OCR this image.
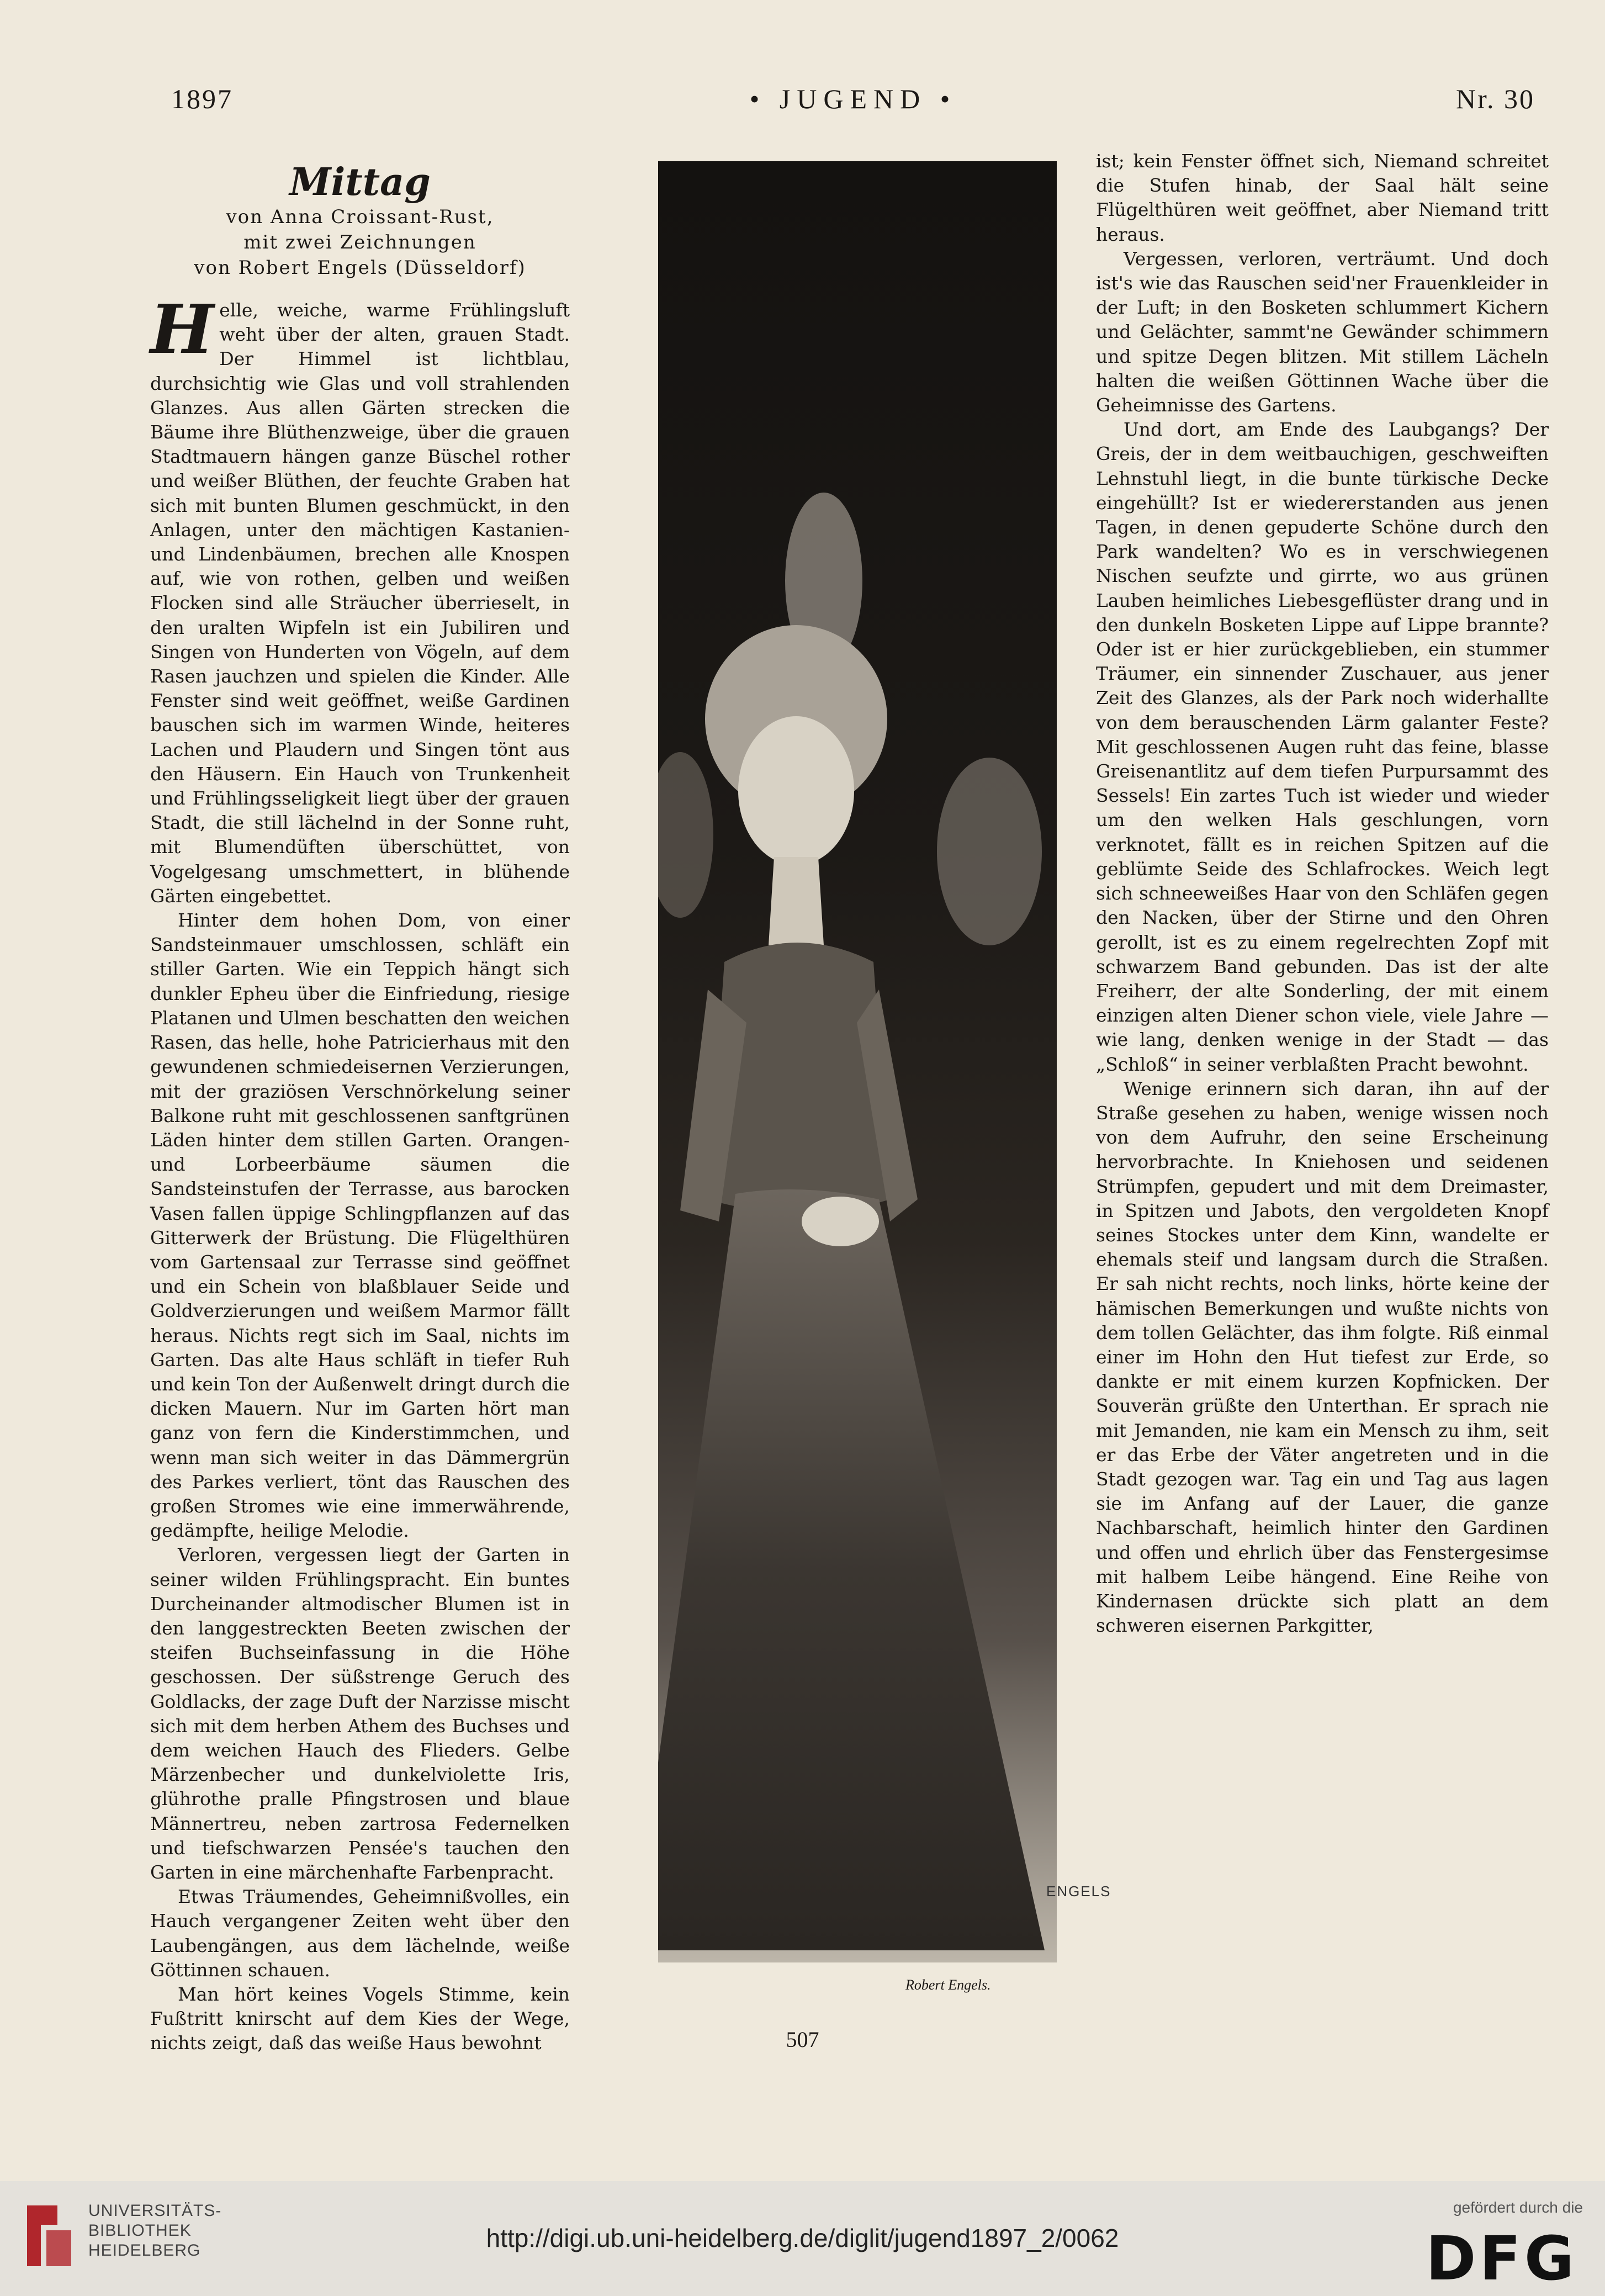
1897	• JUGEND •	Nr. 30
Mittag
von Anna Croissant-Rust,
mit zwei Zeichnungen
von Robert Engels (Düsseldorf)

Helle, weiche, warme Frühlingsluft weht über der alten, grauen Stadt. Der Himmel ist lichtblau, durchsichtig wie Glas und voll strahlenden Glanzes. Aus allen Gärten strecken die Bäume ihre Blüthenzweige, über die grauen Stadtmauern hängen ganze Büschel rother und weißer Blüthen, der feuchte Graben hat sich mit bunten Blumen geschmückt, in den Anlagen, unter den mächtigen Kastanien- und Lindenbäumen, brechen alle Knospen auf, wie von rothen, gelben und weißen Flocken sind alle Sträucher überrieselt, in den uralten Wipfeln ist ein Jubiliren und Singen von Hunderten von Vögeln, auf dem Rasen jauchzen und spielen die Kinder. Alle Fenster sind weit geöffnet, weiße Gardinen bauschen sich im warmen Winde, heiteres Lachen und Plaudern und Singen tönt aus den Häusern. Ein Hauch von Trunkenheit und Frühlingsseligkeit liegt über der grauen Stadt, die still lächelnd in der Sonne ruht, mit Blumendüften überschüttet, von Vogelgesang umschmettert, in blühende Gärten eingebettet.

Hinter dem hohen Dom, von einer Sandsteinmauer umschlossen, schläft ein stiller Garten. Wie ein Teppich hängt sich dunkler Epheu über die Einfriedung, riesige Platanen und Ulmen beschatten den weichen Rasen, das helle, hohe Patricierhaus mit den gewundenen schmiedeisernen Verzierungen, mit der graziösen Verschnörkelung seiner Balkone ruht mit geschlossenen sanftgrünen Läden hinter dem stillen Garten. Orangen- und Lorbeerbäume säumen die Sandsteinstufen der Terrasse, aus barocken Vasen fallen üppige Schlingpflanzen auf das Gitterwerk der Brüstung. Die Flügelthüren vom Gartensaal zur Terrasse sind geöffnet und ein Schein von blaßblauer Seide und Goldverzierungen und weißem Marmor fällt heraus. Nichts regt sich im Saal, nichts im Garten. Das alte Haus schläft in tiefer Ruh und kein Ton der Außenwelt dringt durch die dicken Mauern. Nur im Garten hört man ganz von fern die Kinderstimmchen, und wenn man sich weiter in das Dämmergrün des Parkes verliert, tönt das Rauschen des großen Stromes wie eine immerwährende, gedämpfte, heilige Melodie.

Verloren, vergessen liegt der Garten in seiner wilden Frühlingspracht. Ein buntes Durcheinander altmodischer Blumen ist in den langgestreckten Beeten zwischen der steifen Buchseinfassung in die Höhe geschossen. Der süßstrenge Geruch des Goldlacks, der zage Duft der Narzisse mischt sich mit dem herben Athem des Buchses und dem weichen Hauch des Flieders. Gelbe Märzenbecher und dunkelviolette Iris, glührothe pralle Pfingstrosen und blaue Männertreu, neben zartrosa Federnelken und tiefschwarzen Pensée's tauchen den Garten in eine märchenhafte Farbenpracht.

Etwas Träumendes, Geheimnißvolles, ein Hauch vergangener Zeiten weht über den Laubengängen, aus dem lächelnde, weiße Göttinnen schauen.

Man hört keines Vogels Stimme, kein Fußtritt knirscht auf dem Kies der Wege, nichts zeigt, daß das weiße Haus bewohnt

ENGELS
Robert Engels.

ist; kein Fenster öffnet sich, Niemand schreitet die Stufen hinab, der Saal hält seine Flügelthüren weit geöffnet, aber Niemand tritt heraus.

Vergessen, verloren, verträumt. Und doch ist's wie das Rauschen seid'ner Frauenkleider in der Luft; in den Bosketen schlummert Kichern und Gelächter, sammt'ne Gewänder schimmern und spitze Degen blitzen. Mit stillem Lächeln halten die weißen Göttinnen Wache über die Geheimnisse des Gartens.

Und dort, am Ende des Laubgangs? Der Greis, der in dem weitbauchigen, geschweiften Lehnstuhl liegt, in die bunte türkische Decke eingehüllt? Ist er wiedererstanden aus jenen Tagen, in denen gepuderte Schöne durch den Park wandelten? Wo es in verschwiegenen Nischen seufzte und girrte, wo aus grünen Lauben heimliches Liebesgeflüster drang und in den dunkeln Bosketen Lippe auf Lippe brannte? Oder ist er hier zurückgeblieben, ein stummer Träumer, ein sinnender Zuschauer, aus jener Zeit des Glanzes, als der Park noch widerhallte von dem berauschenden Lärm galanter Feste? Mit geschlossenen Augen ruht das feine, blasse Greisenantlitz auf dem tiefen Purpursammt des Sessels! Ein zartes Tuch ist wieder und wieder um den welken Hals geschlungen, vorn verknotet, fällt es in reichen Spitzen auf die geblümte Seide des Schlafrockes. Weich legt sich schneeweißes Haar von den Schläfen gegen den Nacken, über der Stirne und den Ohren gerollt, ist es zu einem regelrechten Zopf mit schwarzem Band gebunden. Das ist der alte Freiherr, der alte Sonderling, der mit einem einzigen alten Diener schon viele, viele Jahre — wie lang, denken wenige in der Stadt — das „Schloß“ in seiner verblaßten Pracht bewohnt.

Wenige erinnern sich daran, ihn auf der Straße gesehen zu haben, wenige wissen noch von dem Aufruhr, den seine Erscheinung hervorbrachte. In Kniehosen und seidenen Strümpfen, gepudert und mit dem Dreimaster, in Spitzen und Jabots, den vergoldeten Knopf seines Stockes unter dem Kinn, wandelte er ehemals steif und langsam durch die Straßen. Er sah nicht rechts, noch links, hörte keine der hämischen Bemerkungen und wußte nichts von dem tollen Gelächter, das ihm folgte. Riß einmal einer im Hohn den Hut tiefest zur Erde, so dankte er mit einem kurzen Kopfnicken. Der Souverän grüßte den Unterthan. Er sprach nie mit Jemanden, nie kam ein Mensch zu ihm, seit er das Erbe der Väter angetreten und in die Stadt gezogen war. Tag ein und Tag aus lagen sie im Anfang auf der Lauer, die ganze Nachbarschaft, heimlich hinter den Gardinen und offen und ehrlich über das Fenstergesimse mit halbem Leibe hängend. Eine Reihe von Kindernasen drückte sich platt an dem schweren eisernen Parkgitter,

507
UNIVERSITÄTS-
BIBLIOTHEK
HEIDELBERG	http://digi.ub.uni-heidelberg.de/diglit/jugend1897_2/0062
gefördert durch die
DFG
